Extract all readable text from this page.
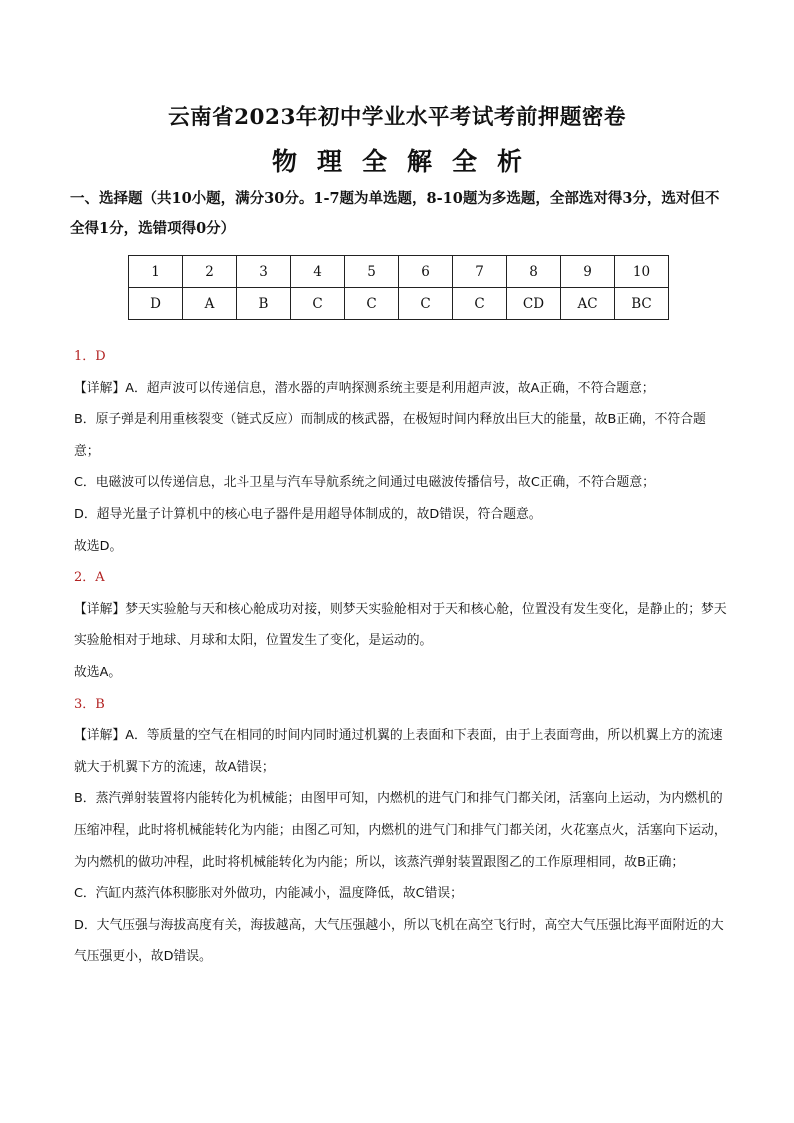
云南省2023年初中学业水平考试考前押题密卷
物 理 全 解 全 析
一、选择题（共10小题，满分30分。1-7题为单选题，8-10题为多选题，全部选对得3分，选对但不全得1分，选错项得0分）
1	2	3	4	5	6	7	8	9	10
D	A	B	C	C	C	C	CD	AC	BC

1．D

【详解】A．超声波可以传递信息，潜水器的声呐探测系统主要是利用超声波，故A正确，不符合题意；

B．原子弹是利用重核裂变（链式反应）而制成的核武器，在极短时间内释放出巨大的能量，故B正确，不符合题意；

C．电磁波可以传递信息，北斗卫星与汽车导航系统之间通过电磁波传播信号，故C正确，不符合题意；

D．超导光量子计算机中的核心电子器件是用超导体制成的，故D错误，符合题意。

故选D。

2．A

【详解】梦天实验舱与天和核心舱成功对接，则梦天实验舱相对于天和核心舱，位置没有发生变化，是静止的；梦天实验舱相对于地球、月球和太阳，位置发生了变化，是运动的。

故选A。

3．B

【详解】A．等质量的空气在相同的时间内同时通过机翼的上表面和下表面，由于上表面弯曲，所以机翼上方的流速就大于机翼下方的流速，故A错误；

B．蒸汽弹射装置将内能转化为机械能；由图甲可知，内燃机的进气门和排气门都关闭，活塞向上运动，为内燃机的压缩冲程，此时将机械能转化为内能；由图乙可知，内燃机的进气门和排气门都关闭，火花塞点火，活塞向下运动，为内燃机的做功冲程，此时将机械能转化为内能；所以，该蒸汽弹射装置跟图乙的工作原理相同，故B正确；

C．汽缸内蒸汽体积膨胀对外做功，内能减小，温度降低，故C错误；

D．大气压强与海拔高度有关，海拔越高，大气压强越小，所以飞机在高空飞行时，高空大气压强比海平面附近的大气压强更小，故D错误。
